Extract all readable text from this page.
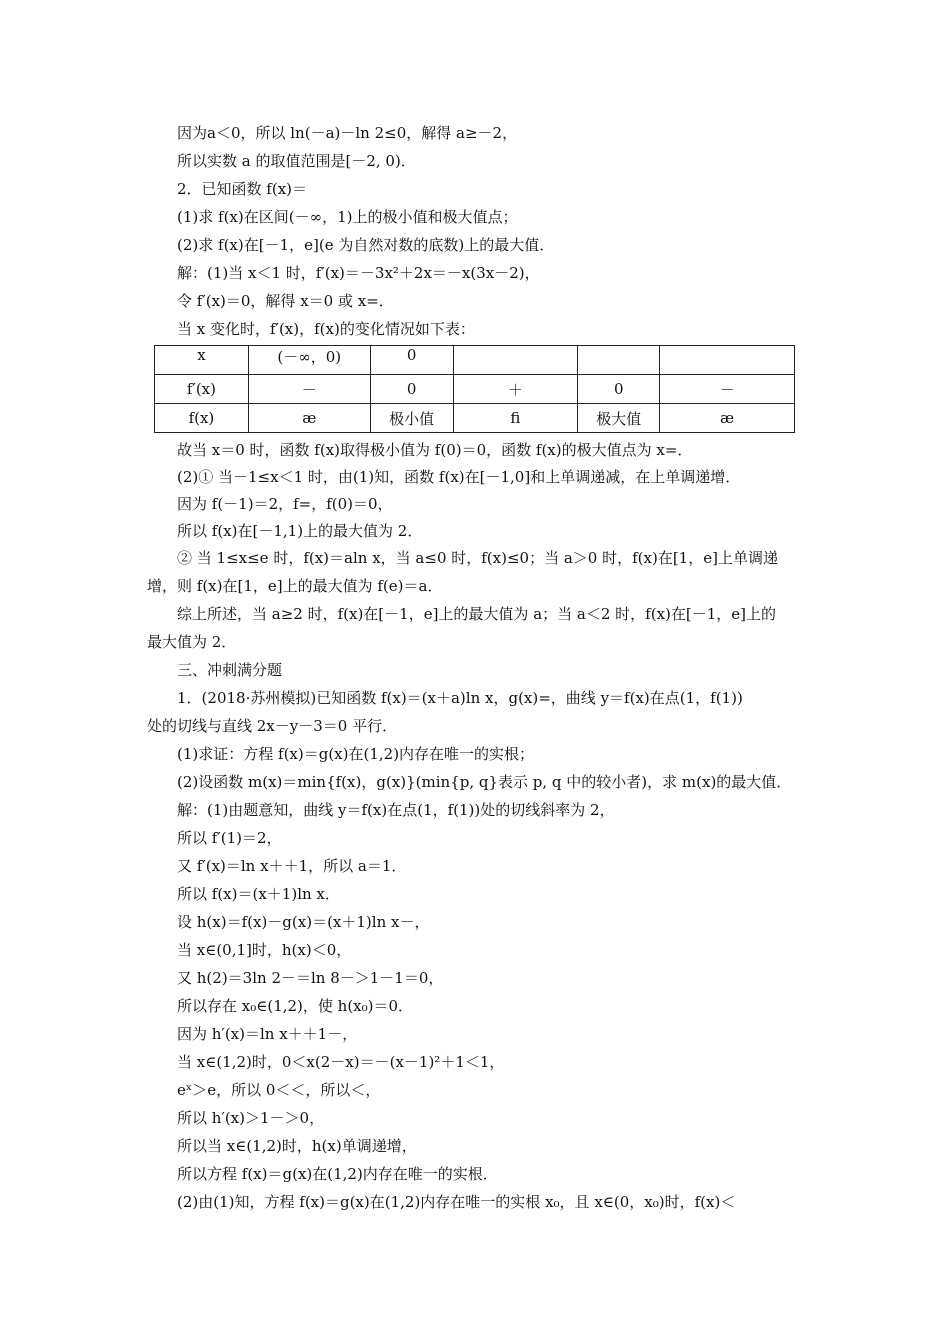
因为a＜0，所以 ln(－a)－ln 2≤0，解得 a≥－2，
所以实数 a 的取值范围是[－2, 0)．
2．已知函数 f(x)＝
(1)求 f(x)在区间(－∞，1)上的极小值和极大值点；
(2)求 f(x)在[－1，e](e 为自然对数的底数)上的最大值．
解：(1)当 x＜1 时，f′(x)＝－3x²＋2x＝－x(3x－2)，
令 f′(x)＝0，解得 x＝0 或 x=．
当 x 变化时，f′(x)，f(x)的变化情况如下表：
x	(－∞，0)	0			
f′(x)	－	0	＋	0	－
f(x)	æ	极小值	ﬁ	极大值	æ
故当 x＝0 时，函数 f(x)取得极小值为 f(0)＝0，函数 f(x)的极大值点为 x=．
(2)① 当－1≤x＜1 时，由(1)知，函数 f(x)在[－1,0]和上单调递减，在上单调递增．
因为 f(－1)＝2，f=，f(0)＝0，
所以 f(x)在[－1,1)上的最大值为 2．
② 当 1≤x≤e 时，f(x)＝aln x，当 a≤0 时，f(x)≤0；当 a＞0 时，f(x)在[1，e]上单调递
增，则 f(x)在[1，e]上的最大值为 f(e)＝a．
综上所述，当 a≥2 时，f(x)在[－1，e]上的最大值为 a；当 a＜2 时，f(x)在[－1，e]上的
最大值为 2．
三、冲刺满分题
1．(2018·苏州模拟)已知函数 f(x)＝(x＋a)ln x，g(x)=，曲线 y＝f(x)在点(1，f(1))
处的切线与直线 2x－y－3＝0 平行．
(1)求证：方程 f(x)＝g(x)在(1,2)内存在唯一的实根；
(2)设函数 m(x)＝min{f(x)，g(x)}(min{p, q}表示 p, q 中的较小者)，求 m(x)的最大值．
解：(1)由题意知，曲线 y＝f(x)在点(1，f(1))处的切线斜率为 2，
所以 f′(1)＝2，
又 f′(x)＝ln x＋＋1，所以 a＝1．
所以 f(x)＝(x＋1)ln x．
设 h(x)＝f(x)－g(x)＝(x＋1)ln x－，
当 x∈(0,1]时，h(x)＜0，
又 h(2)＝3ln 2－＝ln 8－＞1－1＝0，
所以存在 x₀∈(1,2)，使 h(x₀)＝0．
因为 h′(x)＝ln x＋＋1－，
当 x∈(1,2)时，0＜x(2－x)＝－(x－1)²＋1＜1，
eˣ＞e，所以 0＜＜，所以＜，
所以 h′(x)＞1－＞0，
所以当 x∈(1,2)时，h(x)单调递增，
所以方程 f(x)＝g(x)在(1,2)内存在唯一的实根．
(2)由(1)知，方程 f(x)＝g(x)在(1,2)内存在唯一的实根 x₀，且 x∈(0，x₀)时，f(x)＜
